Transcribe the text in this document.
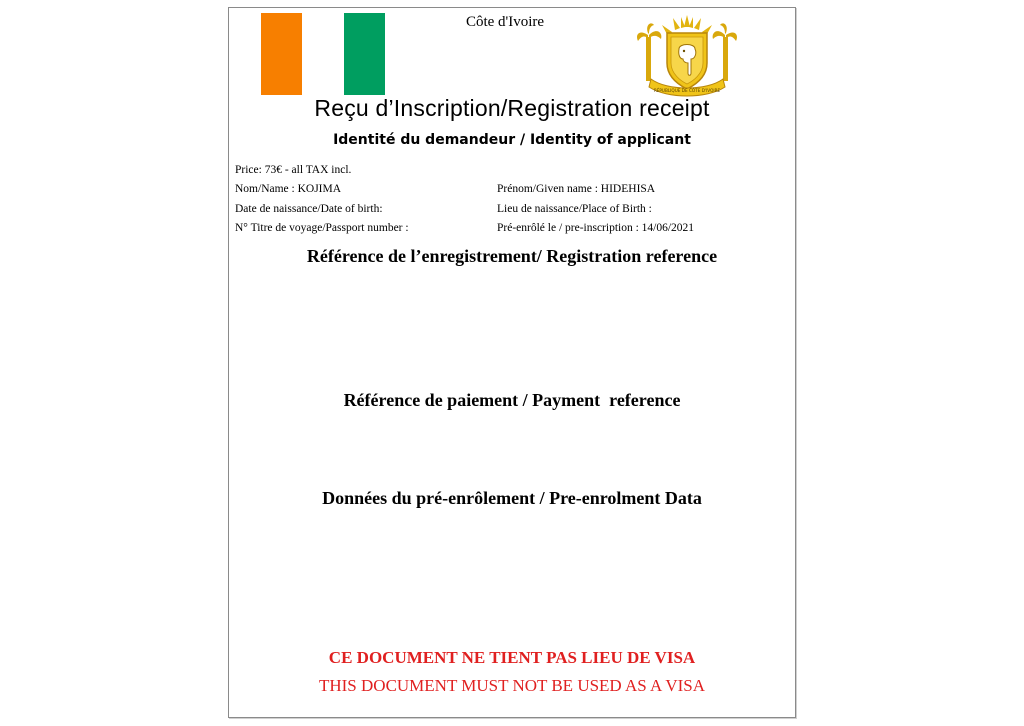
Côte d'Ivoire
RÉPUBLIQUE DE CÔTE D'IVOIRE
Reçu d’Inscription/Registration receipt
Identité du demandeur / Identity of applicant
Price: 73€ - all TAX incl.
Nom/Name : KOJIMA	Prénom/Given name : HIDEHISA
Date de naissance/Date of birth:	Lieu de naissance/Place of Birth :
N° Titre de voyage/Passport number :	Pré-enrôlé le / pre-inscription : 14/06/2021
Référence de l’enregistrement/ Registration reference
Référence de paiement / Payment  reference
Données du pré-enrôlement / Pre-enrolment Data
CE DOCUMENT NE TIENT PAS LIEU DE VISA
THIS DOCUMENT MUST NOT BE USED AS A VISA
